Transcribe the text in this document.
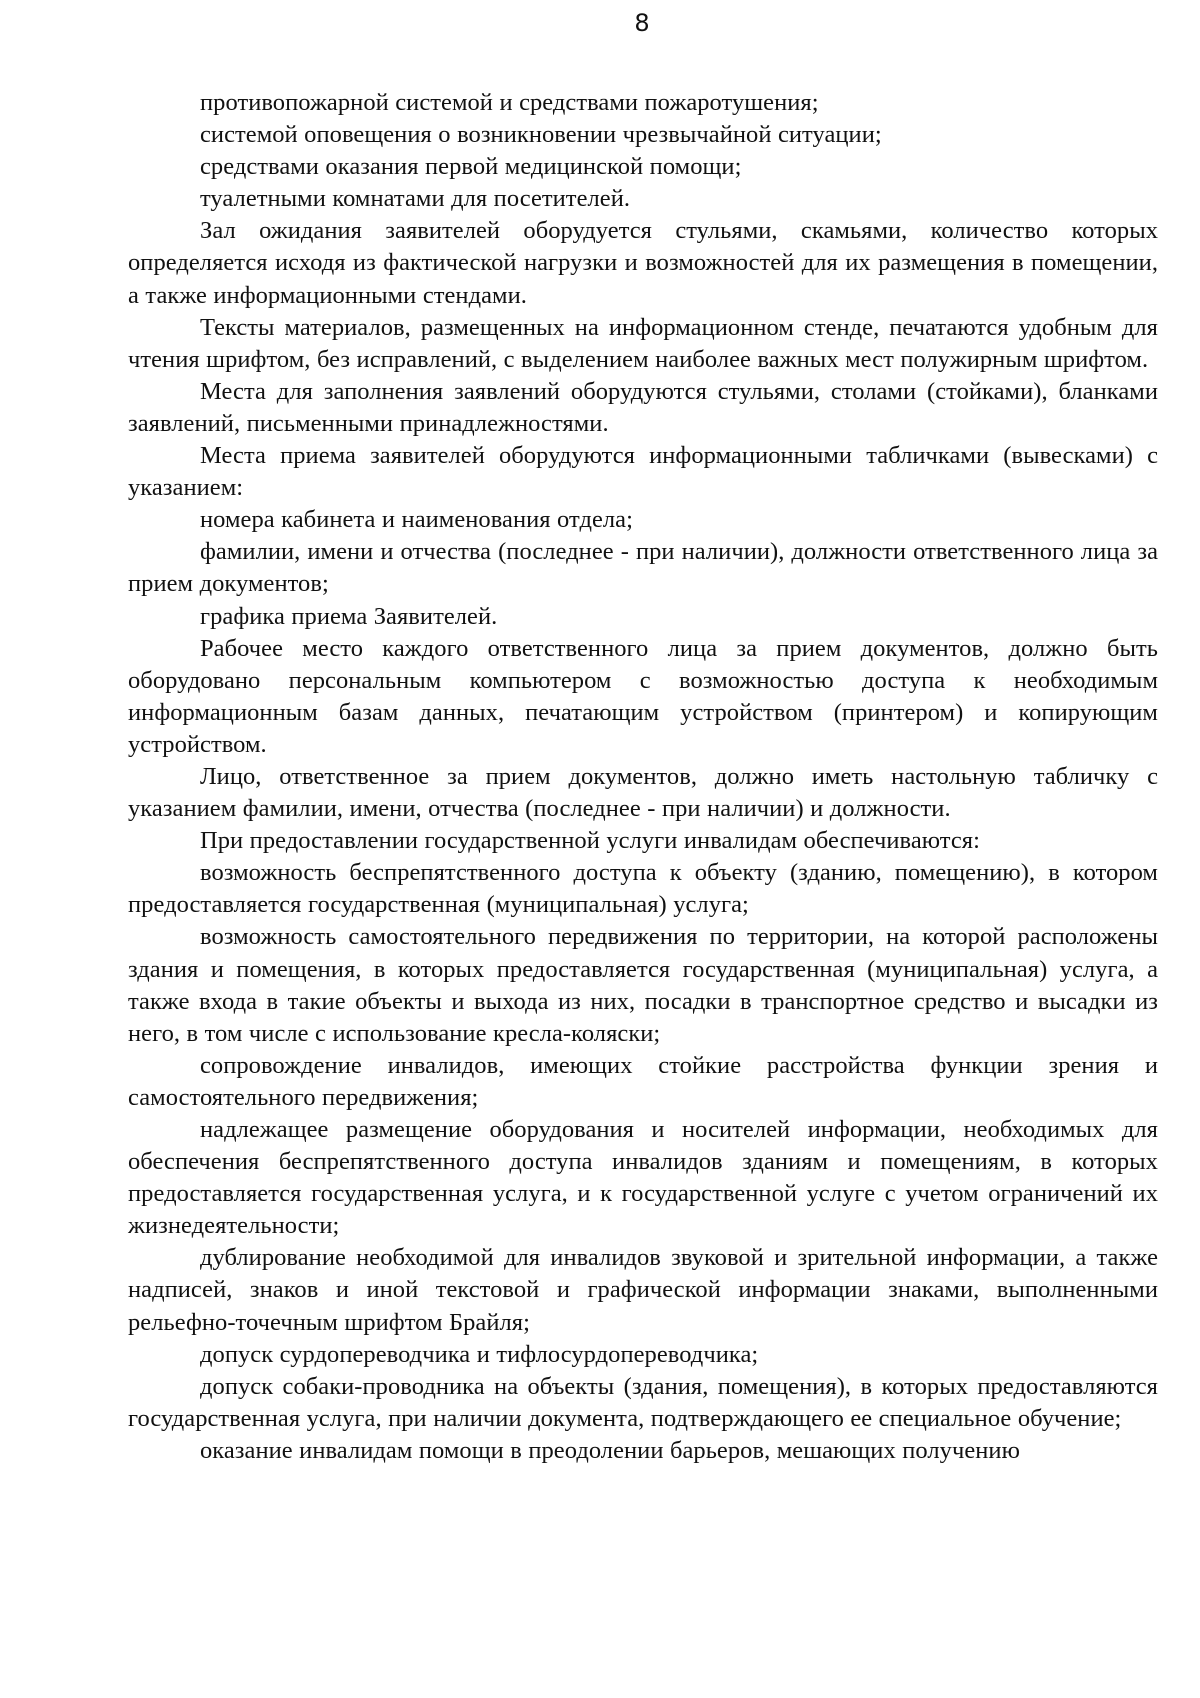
8

противопожарной системой и средствами пожаротушения;

системой оповещения о возникновении чрезвычайной ситуации;

средствами оказания первой медицинской помощи;

туалетными комнатами для посетителей.

Зал ожидания заявителей оборудуется стульями, скамьями, количество которых определяется исходя из фактической нагрузки и возможностей для их размещения в помещении, а также информационными стендами.

Тексты материалов, размещенных на информационном стенде, печатаются удобным для чтения шрифтом, без исправлений, с выделением наиболее важных мест полужирным шрифтом.

Места для заполнения заявлений оборудуются стульями, столами (стойками), бланками заявлений, письменными принадлежностями.

Места приема заявителей оборудуются информационными табличками (вывесками) с указанием:

номера кабинета и наименования отдела;

фамилии, имени и отчества (последнее - при наличии), должности ответственного лица за прием документов;

графика приема Заявителей.

Рабочее место каждого ответственного лица за прием документов, должно быть оборудовано персональным компьютером с возможностью доступа к необходимым информационным базам данных, печатающим устройством (принтером) и копирующим устройством.

Лицо, ответственное за прием документов, должно иметь настольную табличку с указанием фамилии, имени, отчества (последнее - при наличии) и должности.

При предоставлении государственной услуги инвалидам обеспечиваются:

возможность беспрепятственного доступа к объекту (зданию, помещению), в котором предоставляется государственная (муниципальная) услуга;

возможность самостоятельного передвижения по территории, на которой расположены здания и помещения, в которых предоставляется государственная (муниципальная) услуга, а также входа в такие объекты и выхода из них, посадки в транспортное средство и высадки из него, в том числе с использование кресла-коляски;

сопровождение инвалидов, имеющих стойкие расстройства функции зрения и самостоятельного передвижения;

надлежащее размещение оборудования и носителей информации, необходимых для обеспечения беспрепятственного доступа инвалидов зданиям и помещениям, в которых предоставляется государственная услуга, и к государственной услуге с учетом ограничений их жизнедеятельности;

дублирование необходимой для инвалидов звуковой и зрительной информации, а также надписей, знаков и иной текстовой и графической информации знаками, выполненными рельефно-точечным шрифтом Брайля;

допуск сурдопереводчика и тифлосурдопереводчика;

допуск собаки-проводника на объекты (здания, помещения), в которых предоставляются государственная услуга, при наличии документа, подтверждающего ее специальное обучение;

оказание инвалидам помощи в преодолении барьеров, мешающих получению
